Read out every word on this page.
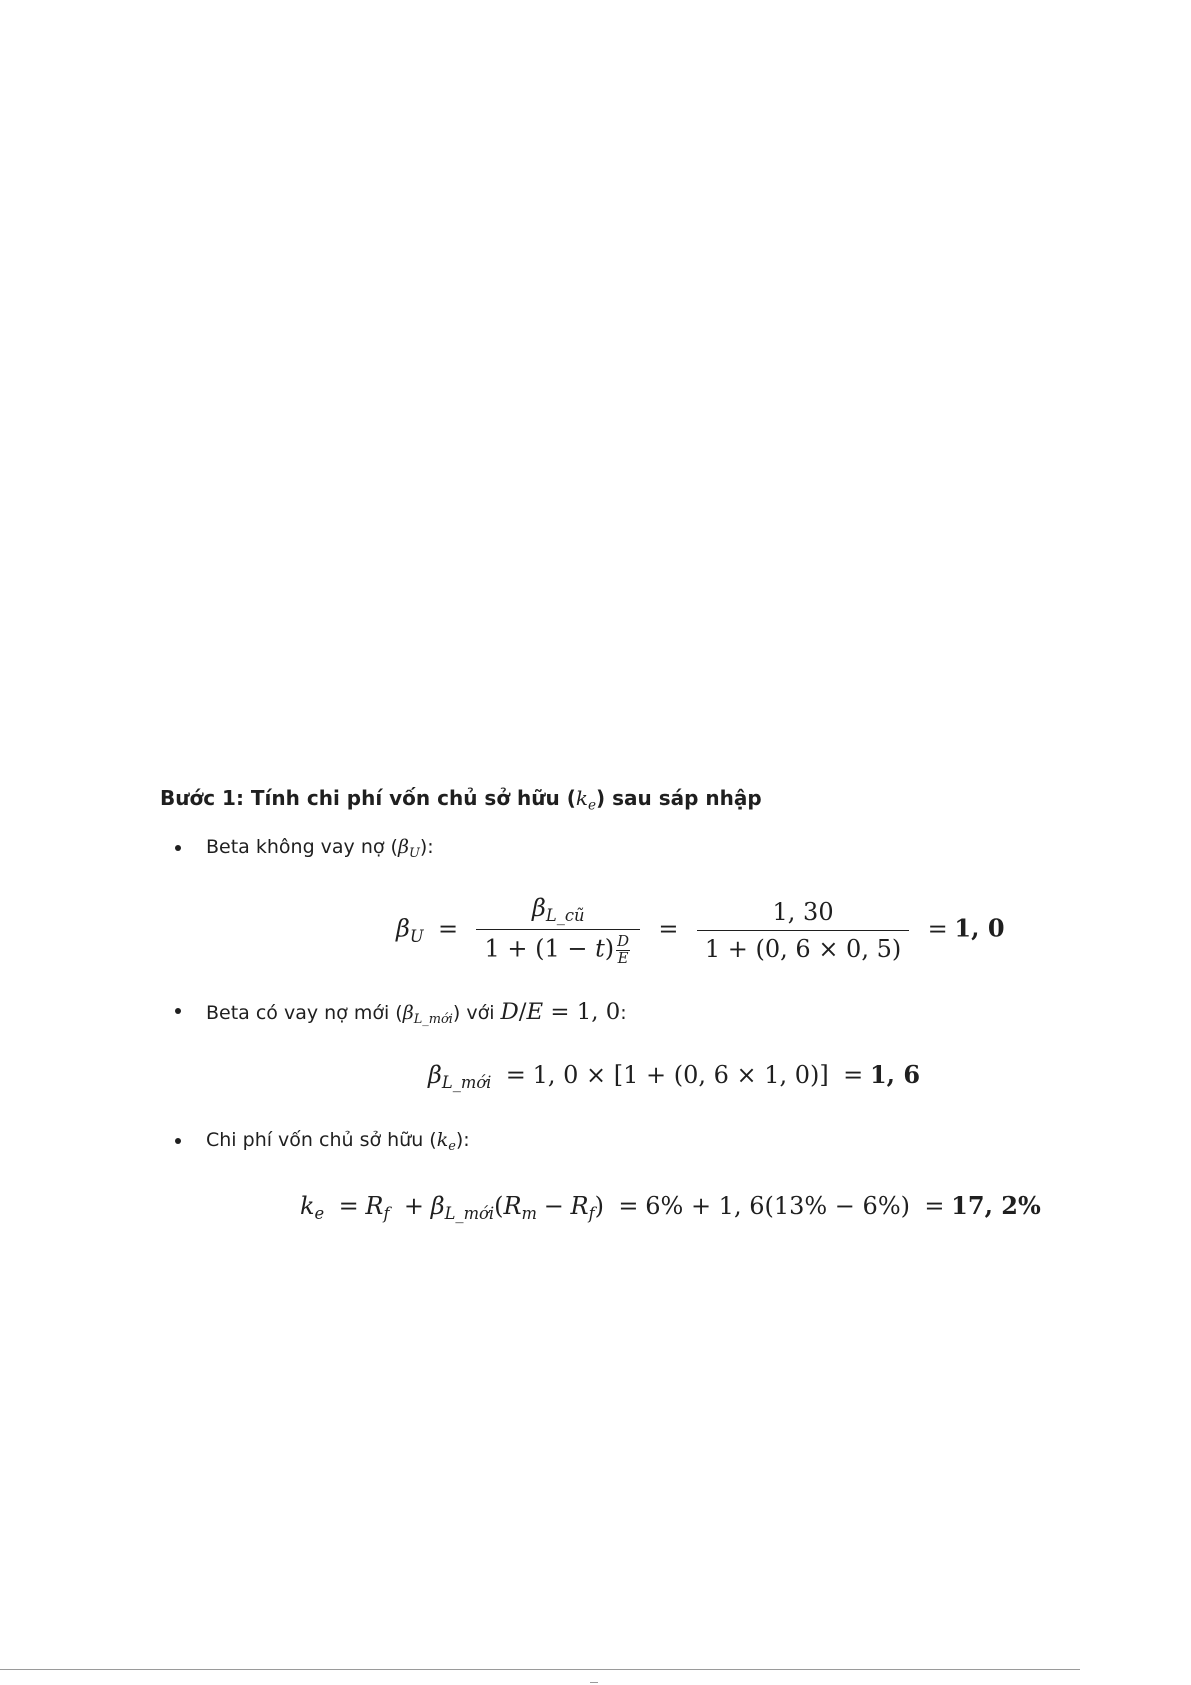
Bước 1: Tính chi phí vốn chủ sở hữu $(k_e)$ sau sáp nhập
Beta không vay nợ $(\beta_U)$:
$\beta_U = \frac{\beta_{L\_cũ}}{1 + (1 - t) \frac{D}{E}} = \frac{1, 30}{1 + (0, 6 \times 0, 5)} = 1$, 0
Beta có vay nợ mới $(\beta_{L\_mới})$ với D/E = 1, 0:
$\beta_{L\_mới} = 1$, 0 × [1 + (0, 6 × 1, 0)] = 1, 6
Chi phí vốn chủ sở hữu $(k_e)$:
$k_e = R_f + \beta_{L\_mới}(R_m - R_f) = 6\% + 1$, 6(13% − 6%) = 17, 2%
